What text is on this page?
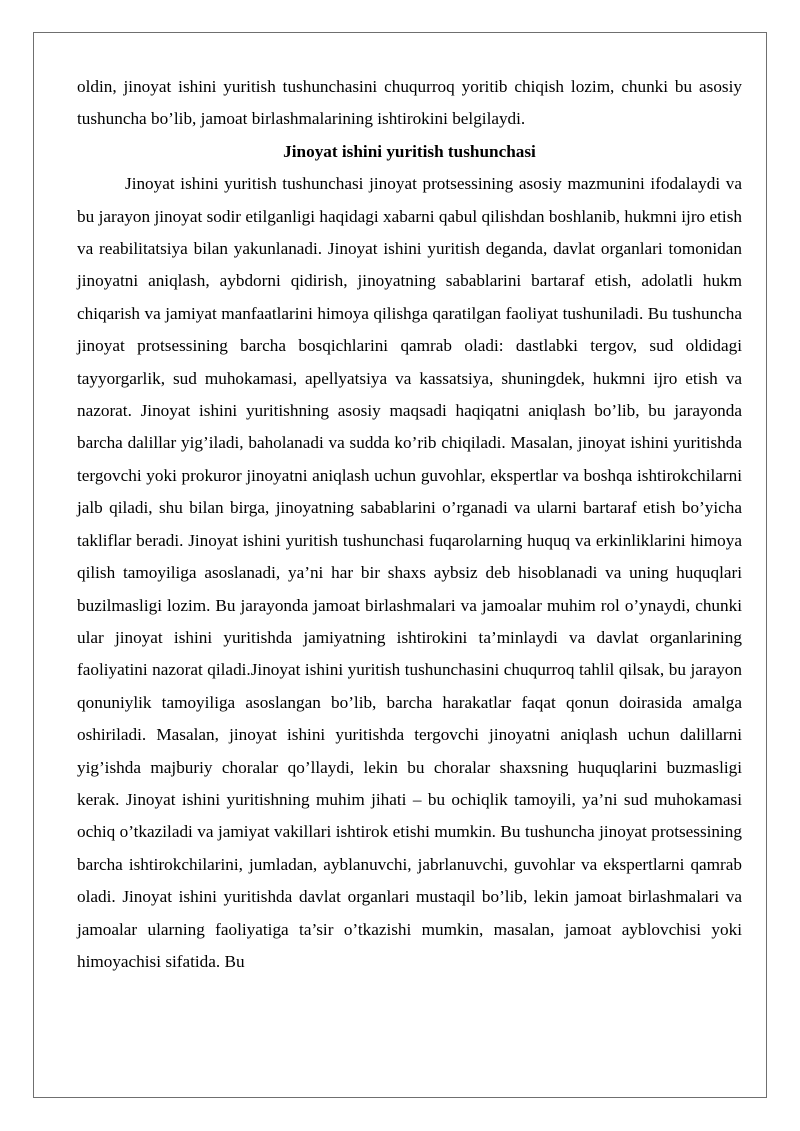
oldin, jinoyat ishini yuritish tushunchasini chuqurroq yoritib chiqish lozim, chunki bu asosiy tushuncha bo’lib, jamoat birlashmalarining ishtirokini belgilaydi.

Jinoyat ishini yuritish tushunchasi

Jinoyat ishini yuritish tushunchasi jinoyat protsessining asosiy mazmunini ifodalaydi va bu jarayon jinoyat sodir etilganligi haqidagi xabarni qabul qilishdan boshlanib, hukmni ijro etish va reabilitatsiya bilan yakunlanadi. Jinoyat ishini yuritish deganda, davlat organlari tomonidan jinoyatni aniqlash, aybdorni qidirish, jinoyatning sabablarini bartaraf etish, adolatli hukm chiqarish va jamiyat manfaatlarini himoya qilishga qaratilgan faoliyat tushuniladi. Bu tushuncha jinoyat protsessining barcha bosqichlarini qamrab oladi: dastlabki tergov, sud oldidagi tayyorgarlik, sud muhokamasi, apellyatsiya va kassatsiya, shuningdek, hukmni ijro etish va nazorat. Jinoyat ishini yuritishning asosiy maqsadi haqiqatni aniqlash bo’lib, bu jarayonda barcha dalillar yig’iladi, baholanadi va sudda ko’rib chiqiladi. Masalan, jinoyat ishini yuritishda tergovchi yoki prokuror jinoyatni aniqlash uchun guvohlar, ekspertlar va boshqa ishtirokchilarni jalb qiladi, shu bilan birga, jinoyatning sabablarini o’rganadi va ularni bartaraf etish bo’yicha takliflar beradi. Jinoyat ishini yuritish tushunchasi fuqarolarning huquq va erkinliklarini himoya qilish tamoyiliga asoslanadi, ya’ni har bir shaxs aybsiz deb hisoblanadi va uning huquqlari buzilmasligi lozim. Bu jarayonda jamoat birlashmalari va jamoalar muhim rol o’ynaydi, chunki ular jinoyat ishini yuritishda jamiyatning ishtirokini ta’minlaydi va davlat organlarining faoliyatini nazorat qiladi.Jinoyat ishini yuritish tushunchasini chuqurroq tahlil qilsak, bu jarayon qonuniylik tamoyiliga asoslangan bo’lib, barcha harakatlar faqat qonun doirasida amalga oshiriladi. Masalan, jinoyat ishini yuritishda tergovchi jinoyatni aniqlash uchun dalillarni yig’ishda majburiy choralar qo’llaydi, lekin bu choralar shaxsning huquqlarini buzmasligi kerak. Jinoyat ishini yuritishning muhim jihati – bu ochiqlik tamoyili, ya’ni sud muhokamasi ochiq o’tkaziladi va jamiyat vakillari ishtirok etishi mumkin. Bu tushuncha jinoyat protsessining barcha ishtirokchilarini, jumladan, ayblanuvchi, jabrlanuvchi, guvohlar va ekspertlarni qamrab oladi. Jinoyat ishini yuritishda davlat organlari mustaqil bo’lib, lekin jamoat birlashmalari va jamoalar ularning faoliyatiga ta’sir o’tkazishi mumkin, masalan, jamoat ayblovchisi yoki himoyachisi sifatida. Bu
